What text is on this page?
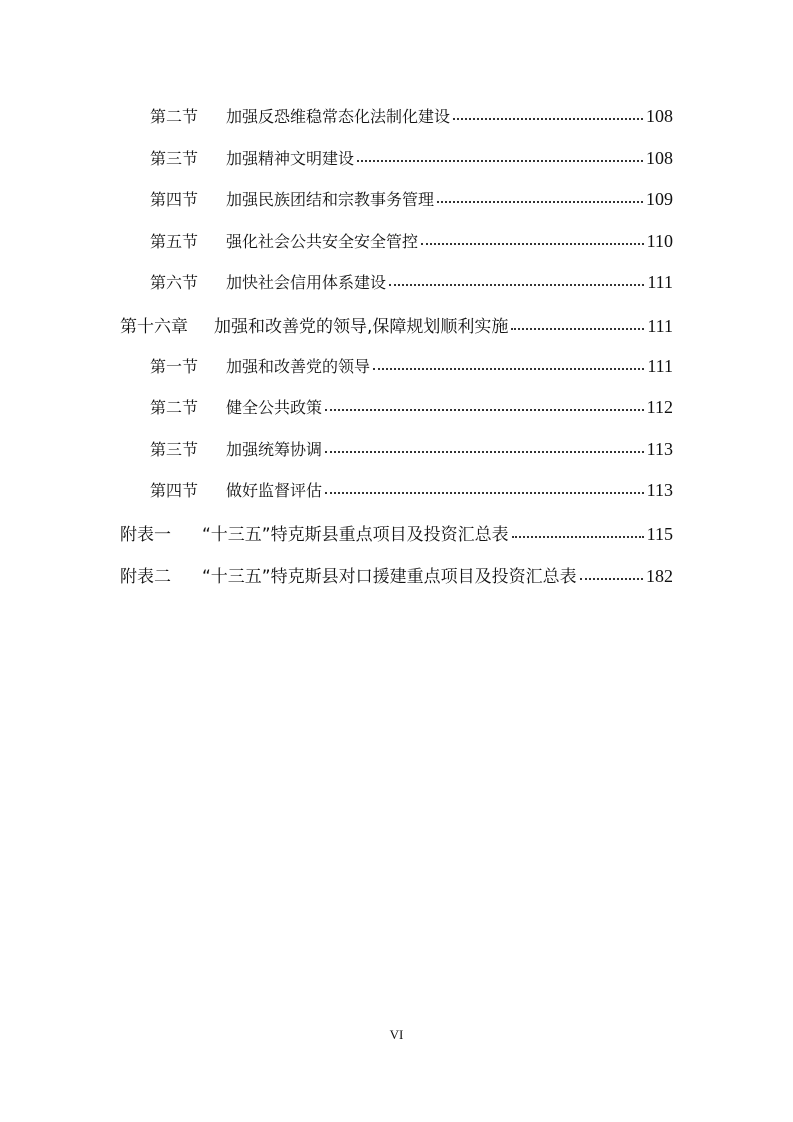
第二节	加强反恐维稳常态化法制化建设	108
第三节	加强精神文明建设	108
第四节	加强民族团结和宗教事务管理	109
第五节	强化社会公共安全安全管控	110
第六节	加快社会信用体系建设	111
第十六章	加强和改善党的领导,保障规划顺利实施	111
第一节	加强和改善党的领导	111
第二节	健全公共政策	112
第三节	加强统筹协调	113
第四节	做好监督评估	113
附表一	“十三五”特克斯县重点项目及投资汇总表	115
附表二	“十三五”特克斯县对口援建重点项目及投资汇总表	182
VI
